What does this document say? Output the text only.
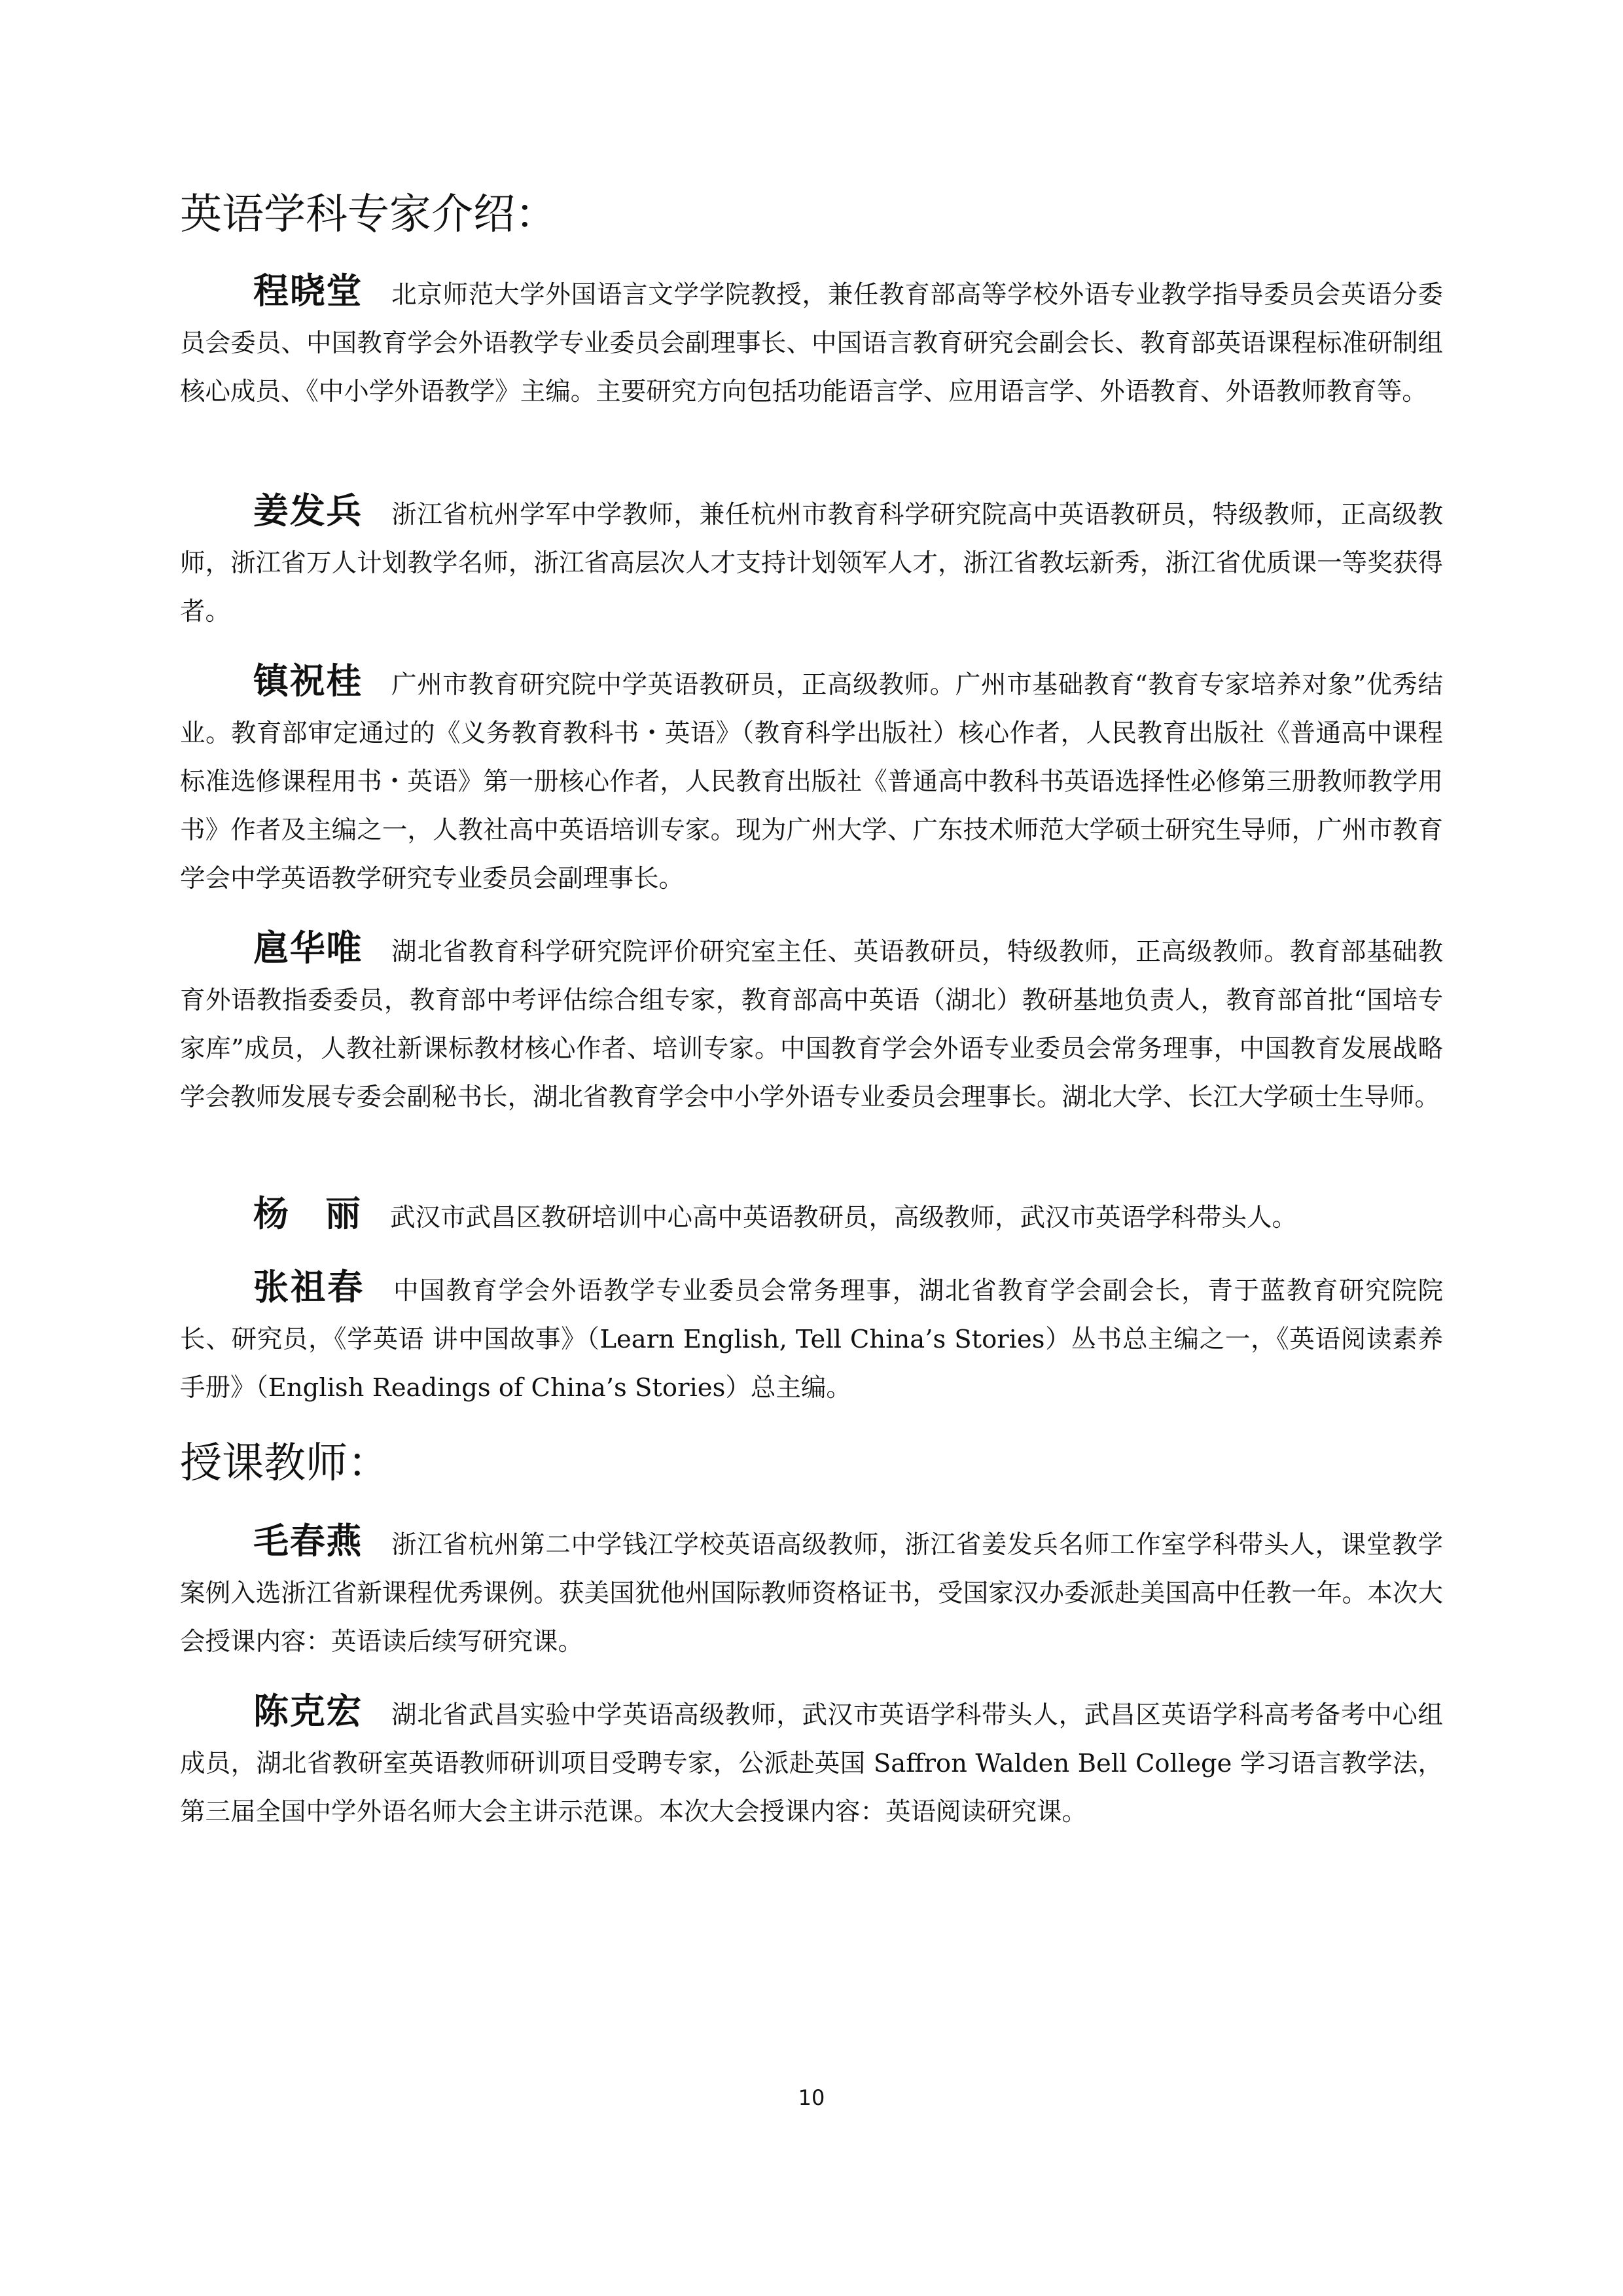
英语学科专家介绍：

程晓堂 北京师范大学外国语言文学学院教授，兼任教育部高等学校外语专业教学指导委员会英语分委员会委员、中国教育学会外语教学专业委员会副理事长、中国语言教育研究会副会长、教育部英语课程标准研制组核心成员、《中小学外语教学》主编。主要研究方向包括功能语言学、应用语言学、外语教育、外语教师教育等。

姜发兵 浙江省杭州学军中学教师，兼任杭州市教育科学研究院高中英语教研员，特级教师，正高级教师，浙江省万人计划教学名师，浙江省高层次人才支持计划领军人才，浙江省教坛新秀，浙江省优质课一等奖获得者。

镇祝桂 广州市教育研究院中学英语教研员，正高级教师。广州市基础教育“教育专家培养对象”优秀结业。教育部审定通过的《义务教育教科书・英语》（教育科学出版社）核心作者，人民教育出版社《普通高中课程标准选修课程用书・英语》第一册核心作者，人民教育出版社《普通高中教科书英语选择性必修第三册教师教学用书》作者及主编之一，人教社高中英语培训专家。现为广州大学、广东技术师范大学硕士研究生导师，广州市教育学会中学英语教学研究专业委员会副理事长。

扈华唯 湖北省教育科学研究院评价研究室主任、英语教研员，特级教师，正高级教师。教育部基础教育外语教指委委员，教育部中考评估综合组专家，教育部高中英语（湖北）教研基地负责人，教育部首批“国培专家库”成员，人教社新课标教材核心作者、培训专家。中国教育学会外语专业委员会常务理事，中国教育发展战略学会教师发展专委会副秘书长，湖北省教育学会中小学外语专业委员会理事长。湖北大学、长江大学硕士生导师。

杨　丽 武汉市武昌区教研培训中心高中英语教研员，高级教师，武汉市英语学科带头人。

张祖春 中国教育学会外语教学专业委员会常务理事，湖北省教育学会副会长，青于蓝教育研究院院长、研究员，《学英语 讲中国故事》（Learn English, Tell China’s Stories）丛书总主编之一，《英语阅读素养手册》（English Readings of China’s Stories）总主编。

授课教师：

毛春燕 浙江省杭州第二中学钱江学校英语高级教师，浙江省姜发兵名师工作室学科带头人，课堂教学案例入选浙江省新课程优秀课例。获美国犹他州国际教师资格证书，受国家汉办委派赴美国高中任教一年。本次大会授课内容：英语读后续写研究课。

陈克宏 湖北省武昌实验中学英语高级教师，武汉市英语学科带头人，武昌区英语学科高考备考中心组成员，湖北省教研室英语教师研训项目受聘专家，公派赴英国 Saffron Walden Bell College 学习语言教学法，第三届全国中学外语名师大会主讲示范课。本次大会授课内容：英语阅读研究课。

10
